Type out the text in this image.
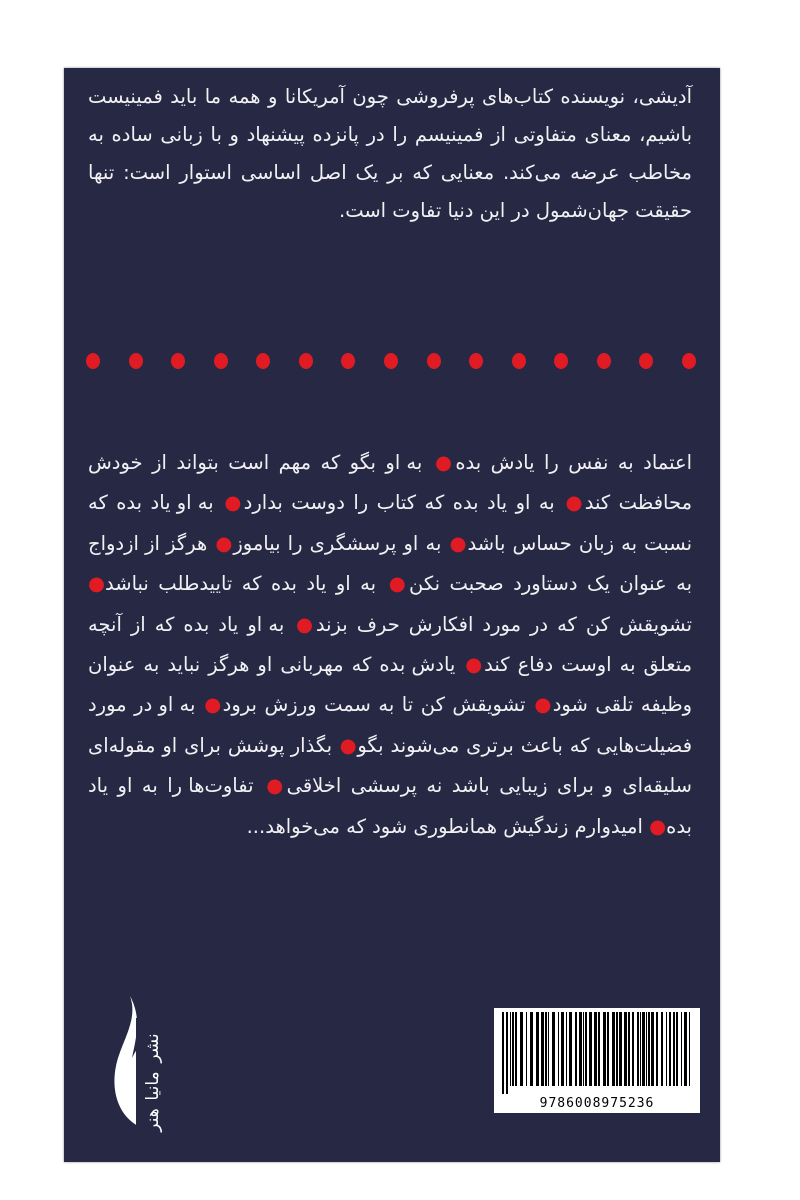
آدیشی، نویسنده کتاب‌های پرفروشی چون آمریکانا و همه ما باید فمینیست باشیم، معنای متفاوتی از فمینیسم را در پانزده پیشنهاد و با زبانی ساده به مخاطب عرضه می‌کند. معنایی که بر یک اصل اساسی استوار است: تنها حقیقت جهان‌شمول در این دنیا تفاوت است.

اعتماد به نفس را یادش بده● به او بگو که مهم است بتواند از خودش محافظت کند● به او یاد بده که کتاب را دوست بدارد● به او یاد بده که نسبت به زبان حساس باشد● به او پرسشگری را بیاموز● هرگز از ازدواج به عنوان یک دستاورد صحبت نکن● به او یاد بده که تاییدطلب نباشد● تشویقش کن که در مورد افکارش حرف بزند● به او یاد بده که از آنچه متعلق به اوست دفاع کند● یادش بده که مهربانی او هرگز نباید به عنوان وظیفه تلقی شود● تشویقش کن تا به سمت ورزش برود● به او در مورد فضیلت‌هایی که باعث برتری می‌شوند بگو● بگذار پوشش برای او مقوله‌ای سلیقه‌ای و برای زیبایی باشد نه پرسشی اخلاقی● تفاوت‌ها را به او یاد بده● امیدوارم زندگیش همانطوری شود که می‌خواهد...

نشر
مانیا
هنر
9786008975236
